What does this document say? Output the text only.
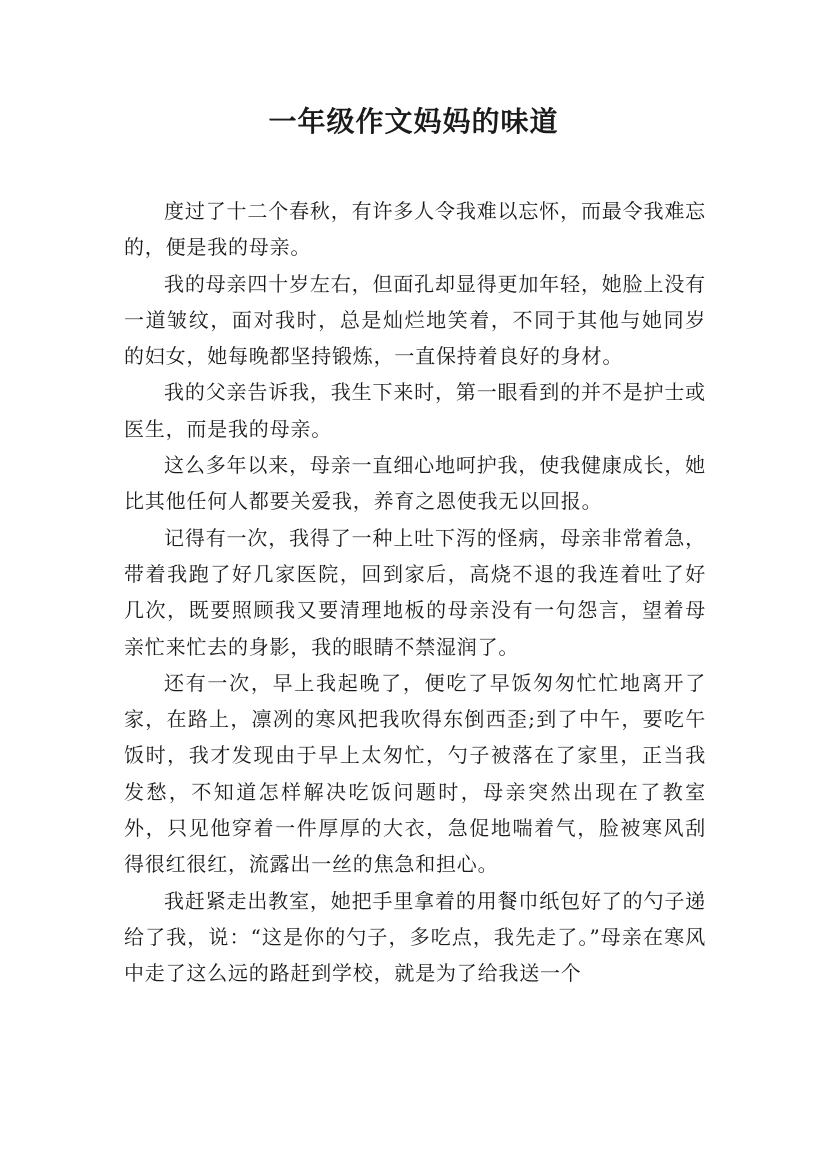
一年级作文妈妈的味道

度过了十二个春秋，有许多人令我难以忘怀，而最令我难忘的，便是我的母亲。

我的母亲四十岁左右，但面孔却显得更加年轻，她脸上没有一道皱纹，面对我时，总是灿烂地笑着，不同于其他与她同岁的妇女，她每晚都坚持锻炼，一直保持着良好的身材。

我的父亲告诉我，我生下来时，第一眼看到的并不是护士或医生，而是我的母亲。

这么多年以来，母亲一直细心地呵护我，使我健康成长，她比其他任何人都要关爱我，养育之恩使我无以回报。

记得有一次，我得了一种上吐下泻的怪病，母亲非常着急，带着我跑了好几家医院，回到家后，高烧不退的我连着吐了好几次，既要照顾我又要清理地板的母亲没有一句怨言，望着母亲忙来忙去的身影，我的眼睛不禁湿润了。

还有一次，早上我起晚了，便吃了早饭匆匆忙忙地离开了家，在路上，凛冽的寒风把我吹得东倒西歪;到了中午，要吃午饭时，我才发现由于早上太匆忙，勺子被落在了家里，正当我发愁，不知道怎样解决吃饭问题时，母亲突然出现在了教室外，只见他穿着一件厚厚的大衣，急促地喘着气，脸被寒风刮得很红很红，流露出一丝的焦急和担心。

我赶紧走出教室，她把手里拿着的用餐巾纸包好了的勺子递给了我，说：“这是你的勺子，多吃点，我先走了。”母亲在寒风中走了这么远的路赶到学校，就是为了给我送一个
